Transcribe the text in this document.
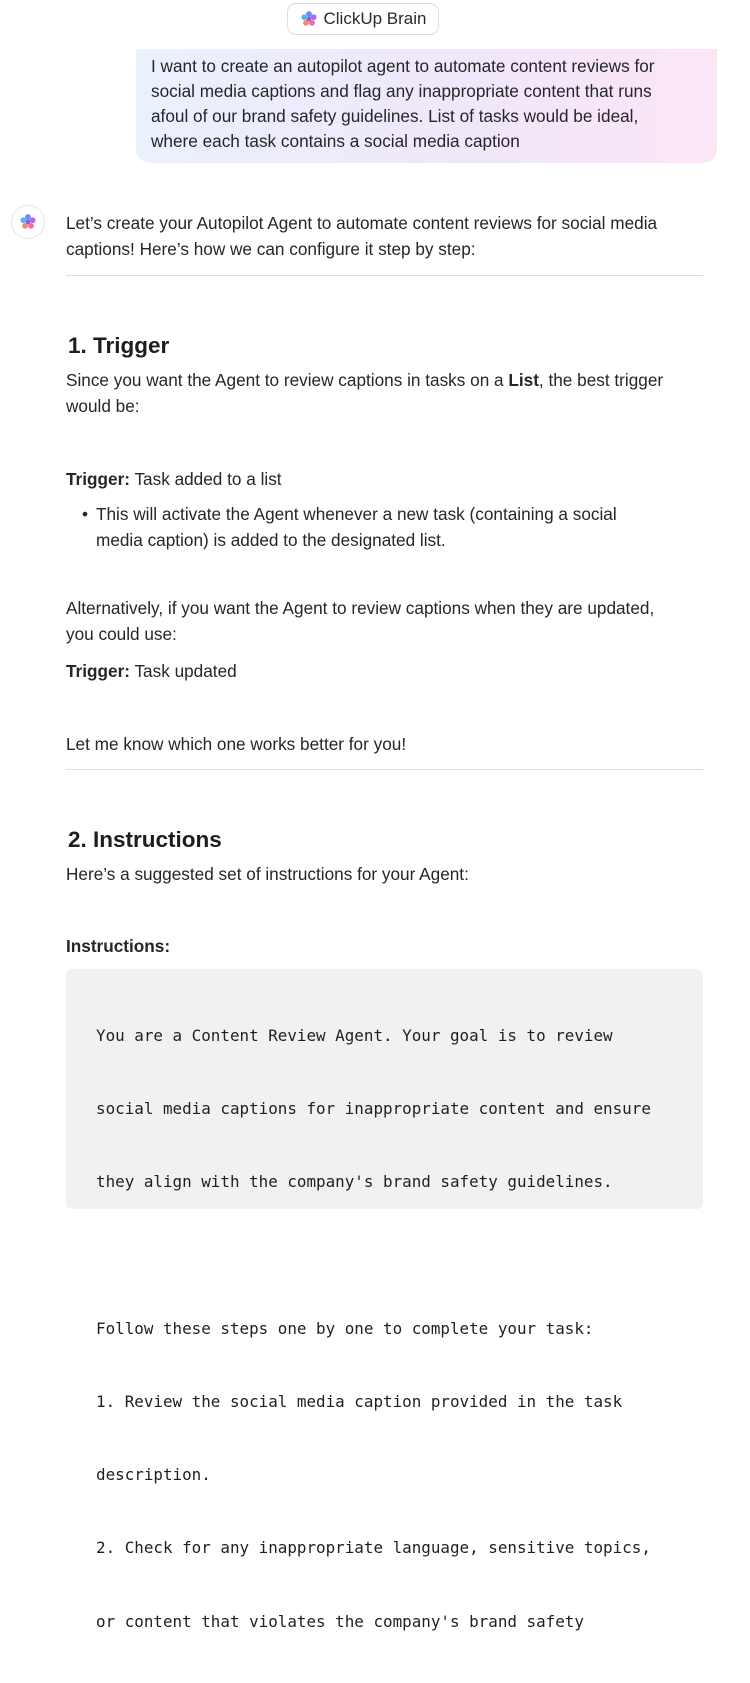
ClickUp Brain
I want to create an autopilot agent to automate content reviews for
social media captions and flag any inappropriate content that runs
afoul of our brand safety guidelines. List of tasks would be ideal,
where each task contains a social media caption

Let’s create your Autopilot Agent to automate content reviews for social media

captions! Here’s how we can configure it step by step:

1. Trigger

Since you want the Agent to review captions in tasks on a List, the best trigger

would be:

Trigger: Task added to a list

• This will activate the Agent whenever a new task (containing a social
media caption) is added to the designated list.

Alternatively, if you want the Agent to review captions when they are updated,

you could use:

Trigger: Task updated

Let me know which one works better for you!

2. Instructions

Here’s a suggested set of instructions for your Agent:

Instructions:

You are a Content Review Agent. Your goal is to review

social media captions for inappropriate content and ensure

they align with the company's brand safety guidelines.

Follow these steps one by one to complete your task:

1. Review the social media caption provided in the task

description.

2. Check for any inappropriate language, sensitive topics,

or content that violates the company's brand safety
